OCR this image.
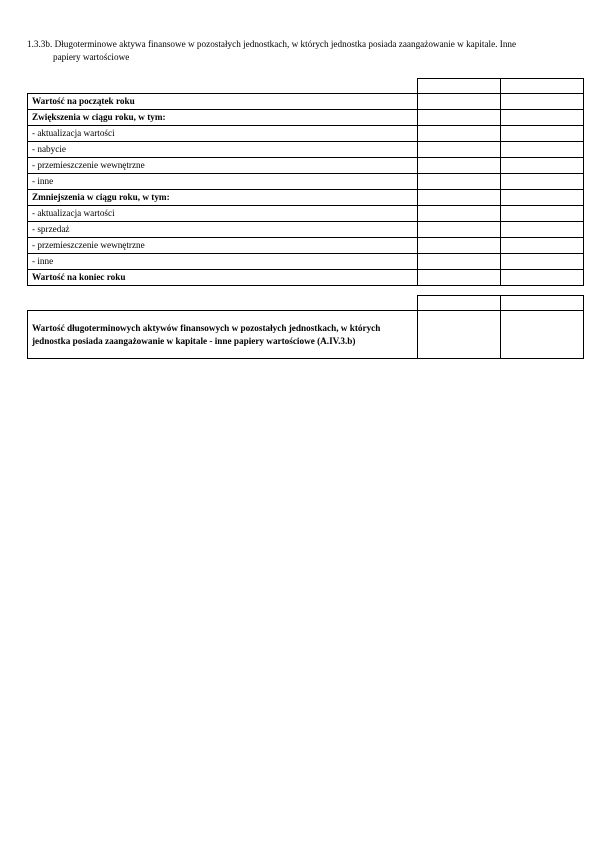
1.3.3b. Długoterminowe aktywa finansowe w pozostałych jednostkach, w których jednostka posiada zaangażowanie w kapitale. Inne
papiery wartościowe

Wartość na początek roku		
Zwiększenia w ciągu roku, w tym:		
- aktualizacja wartości		
- nabycie		
- przemieszczenie wewnętrzne		
- inne		
Zmniejszenia w ciągu roku, w tym:		
- aktualizacja wartości		
- sprzedaż		
- przemieszczenie wewnętrzne		
- inne		
Wartość na koniec roku		

Wartość długoterminowych aktywów finansowych w pozostałych jednostkach, w których jednostka posiada zaangażowanie w kapitale - inne papiery wartościowe (A.IV.3.b)		
